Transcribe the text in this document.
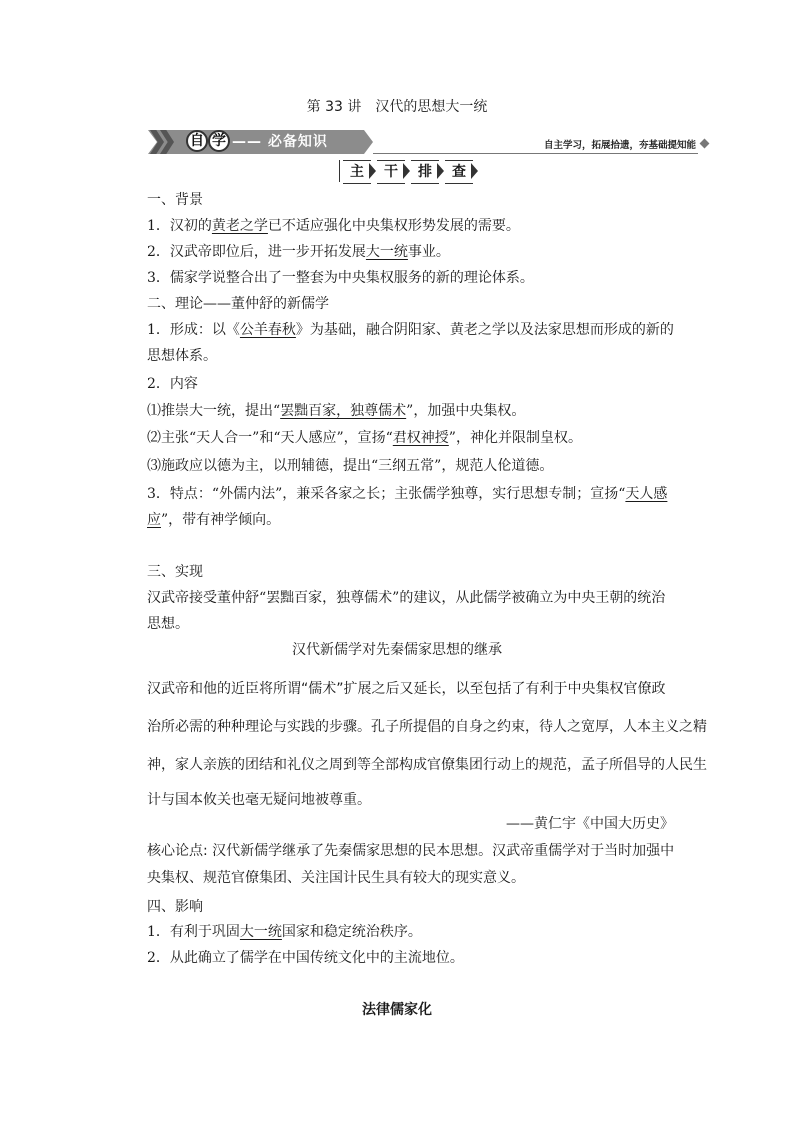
第 33 讲　汉代的思想大一统
自 学 —— 必备知识	自主学习，拓展拾遗，夯基础提知能
主	干	排	查
一、背景
1．汉初的黄老之学已不适应强化中央集权形势发展的需要。
2．汉武帝即位后，进一步开拓发展大一统事业。
3．儒家学说整合出了一整套为中央集权服务的新的理论体系。
二、理论——董仲舒的新儒学
1．形成：以《公羊春秋》为基础，融合阴阳家、黄老之学以及法家思想而形成的新的
思想体系。
2．内容
⑴推崇大一统，提出“罢黜百家，独尊儒术”，加强中央集权。
⑵主张“天人合一”和“天人感应”，宣扬“君权神授”，神化并限制皇权。
⑶施政应以德为主，以刑辅德，提出“三纲五常”，规范人伦道德。
3．特点：“外儒内法”，兼采各家之长；主张儒学独尊，实行思想专制；宣扬“天人感
应”，带有神学倾向。
三、实现
汉武帝接受董仲舒“罢黜百家，独尊儒术”的建议，从此儒学被确立为中央王朝的统治
思想。
汉代新儒学对先秦儒家思想的继承
汉武帝和他的近臣将所谓“儒术”扩展之后又延长，以至包括了有利于中央集权官僚政
治所必需的种种理论与实践的步骤。孔子所提倡的自身之约束，待人之宽厚，人本主义之精
神，家人亲族的团结和礼仪之周到等全部构成官僚集团行动上的规范，孟子所倡导的人民生
计与国本攸关也毫无疑问地被尊重。
——黄仁宇《中国大历史》
核心论点: 汉代新儒学继承了先秦儒家思想的民本思想。汉武帝重儒学对于当时加强中
央集权、规范官僚集团、关注国计民生具有较大的现实意义。
四、影响
1．有利于巩固大一统国家和稳定统治秩序。
2．从此确立了儒学在中国传统文化中的主流地位。
法律儒家化
